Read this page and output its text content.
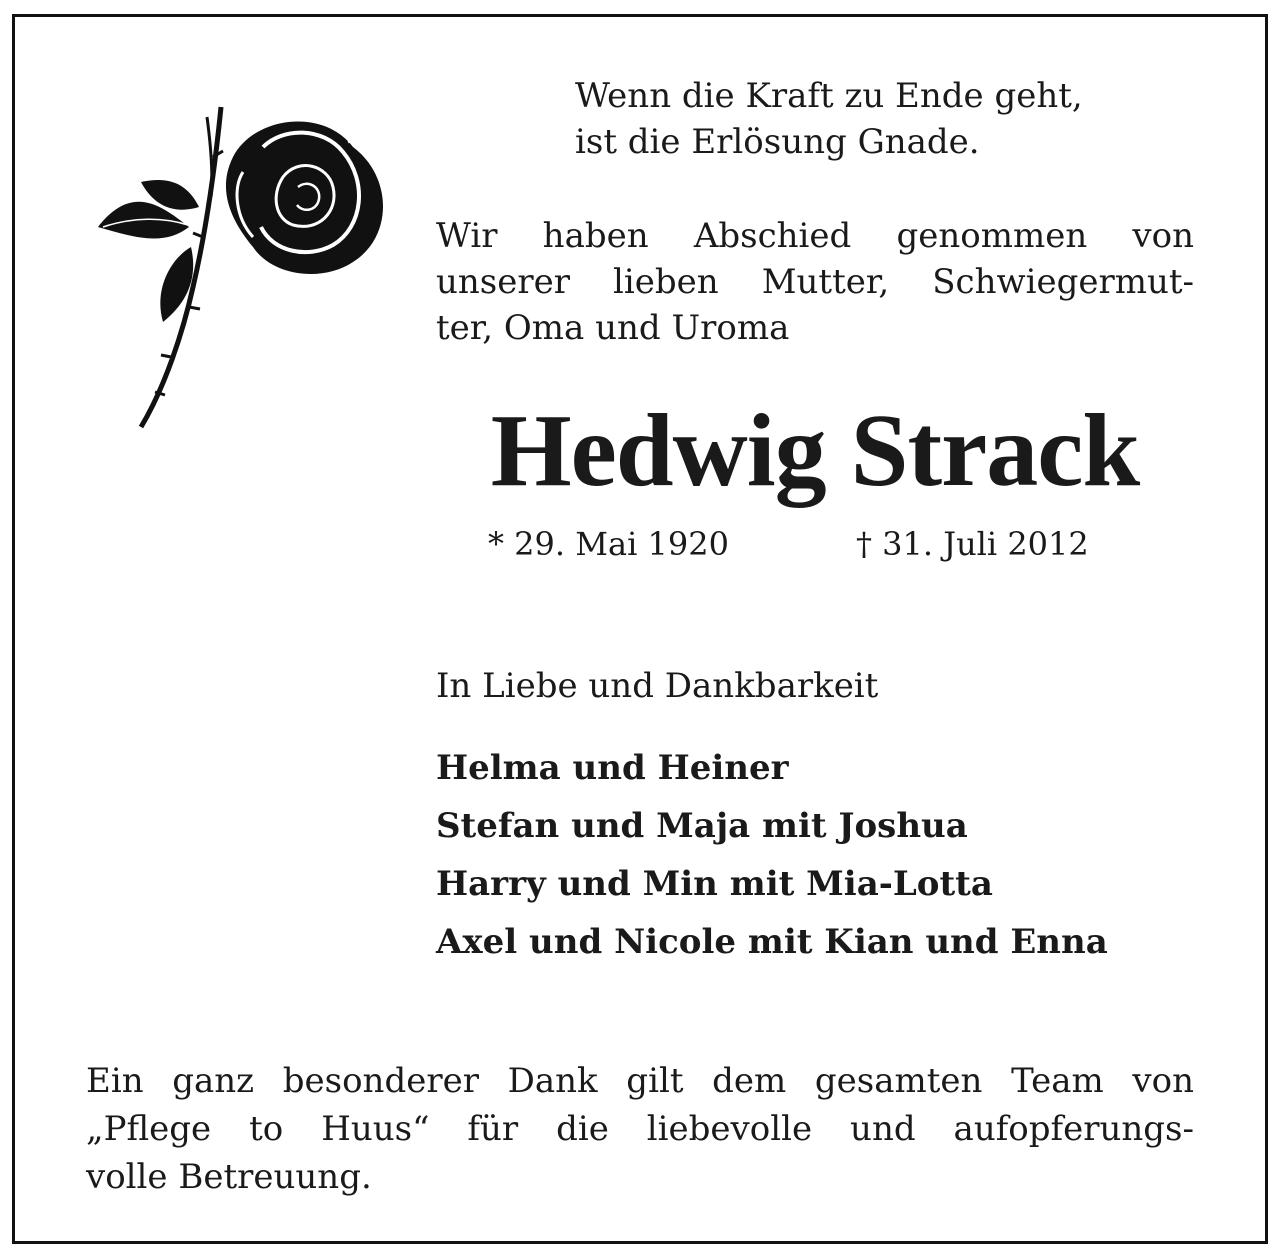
Wenn die Kraft zu Ende geht,
ist die Erlösung Gnade.
Wir haben Abschied genommen von
unserer lieben Mutter, Schwiegermut-
ter, Oma und Uroma
Hedwig Strack
* 29. Mai 1920	† 31. Juli 2012
In Liebe und Dankbarkeit
Helma und Heiner
Stefan und Maja mit Joshua
Harry und Min mit Mia-Lotta
Axel und Nicole mit Kian und Enna
Ein ganz besonderer Dank gilt dem gesamten Team von
„Pflege to Huus“ für die liebevolle und aufopferungs-
volle Betreuung.
